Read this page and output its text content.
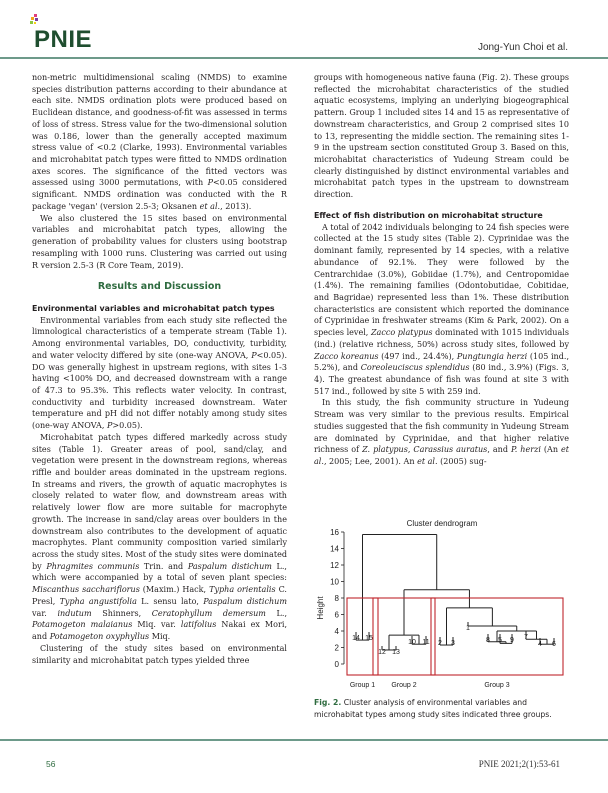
PNIE	Jong-Yun Choi et al.

non-metric multidimensional scaling (NMDS) to examine species distribution patterns according to their abundance at each site. NMDS ordination plots were produced based on Euclidean distance, and goodness-of-fit was assessed in terms of loss of stress. Stress value for the two-dimensional solution was 0.186, lower than the generally accepted maximum stress value of <0.2 (Clarke, 1993). Environmental variables and microhabitat patch types were fitted to NMDS ordination axes scores. The significance of the fitted vectors was assessed using 3000 permutations, with P<0.05 considered significant. NMDS ordination was conducted with the R package 'vegan' (version 2.5-3; Oksanen et al., 2013).

We also clustered the 15 sites based on environmental variables and microhabitat patch types, allowing the generation of probability values for clusters using bootstrap resampling with 1000 runs. Clustering was carried out using R version 2.5-3 (R Core Team, 2019).

Results and Discussion
Environmental variables and microhabitat patch types

Environmental variables from each study site reflected the limnological characteristics of a temperate stream (Table 1). Among environmental variables, DO, conductivity, turbidity, and water velocity differed by site (one-way ANOVA, P<0.05). DO was generally highest in upstream regions, with sites 1-3 having <100% DO, and decreased downstream with a range of 47.3 to 95.3%. This reflects water velocity. In contrast, conductivity and turbidity increased downstream. Water temperature and pH did not differ notably among study sites (one-way ANOVA, P>0.05).

Microhabitat patch types differed markedly across study sites (Table 1). Greater areas of pool, sand/clay, and vegetation were present in the downstream regions, whereas riffle and boulder areas dominated in the upstream regions. In streams and rivers, the growth of aquatic macrophytes is closely related to water flow, and downstream areas with relatively lower flow are more suitable for macrophyte growth. The increase in sand/clay areas over boulders in the downstream also contributes to the development of aquatic macrophytes. Plant community composition varied similarly across the study sites. Most of the study sites were dominated by Phragmites communis Trin. and Paspalum distichum L., which were accompanied by a total of seven plant species: Miscanthus sacchariflorus (Maxim.) Hack, Typha orientalis C. Presl, Typha angustifolia L. sensu lato, Paspalum distichum var. indutum Shinners, Ceratophyllum demersum L., Potamogeton malaianus Miq. var. latifolius Nakai ex Mori, and Potamogeton oxyphyllus Miq.

Clustering of the study sites based on environmental similarity and microhabitat patch types yielded three

groups with homogeneous native fauna (Fig. 2). These groups reflected the microhabitat characteristics of the studied aquatic ecosystems, implying an underlying biogeographical pattern. Group 1 included sites 14 and 15 as representative of downstream characteristics, and Group 2 comprised sites 10 to 13, representing the middle section. The remaining sites 1-9 in the upstream section constituted Group 3. Based on this, microhabitat characteristics of Yudeung Stream could be clearly distinguished by distinct environmental variables and microhabitat patch types in the upstream to downstream direction.

Effect of fish distribution on microhabitat structure

A total of 2042 individuals belonging to 24 fish species were collected at the 15 study sites (Table 2). Cyprinidae was the dominant family, represented by 14 species, with a relative abundance of 92.1%. They were followed by the Centrarchidae (3.0%), Gobiidae (1.7%), and Centropomidae (1.4%). The remaining families (Odontobutidae, Cobitidae, and Bagridae) represented less than 1%. These distribution characteristics are consistent which reported the dominance of Cyprinidae in freshwater streams (Kim & Park, 2002). On a species level, Zacco platypus dominated with 1015 individuals (ind.) (relative richness, 50%) across study sites, followed by Zacco koreanus (497 ind., 24.4%), Pungtungia herzi (105 ind., 5.2%), and Coreoleuciscus splendidus (80 ind., 3.9%) (Figs. 3, 4). The greatest abundance of fish was found at site 3 with 517 ind., followed by site 5 with 259 ind.

In this study, the fish community structure in Yudeung Stream was very similar to the previous results. Empirical studies suggested that the fish community in Yudeung Stream are dominated by Cyprinidae, and that higher relative richness of Z. platypus, Carassius auratus, and P. herzi (An et al., 2005; Lee, 2001). An et al. (2005) sug-

Cluster dendrogram
Height
0
2
4
6
8
10
12
14
16
14 15
12 13
10 11 2 3
1
8 5 9 7
4 6
Group 1 Group 2	Group 3
Fig. 2. Cluster analysis of environmental variables and microhabitat types among study sites indicated three groups.
56	PNIE 2021;2(1):53-61
